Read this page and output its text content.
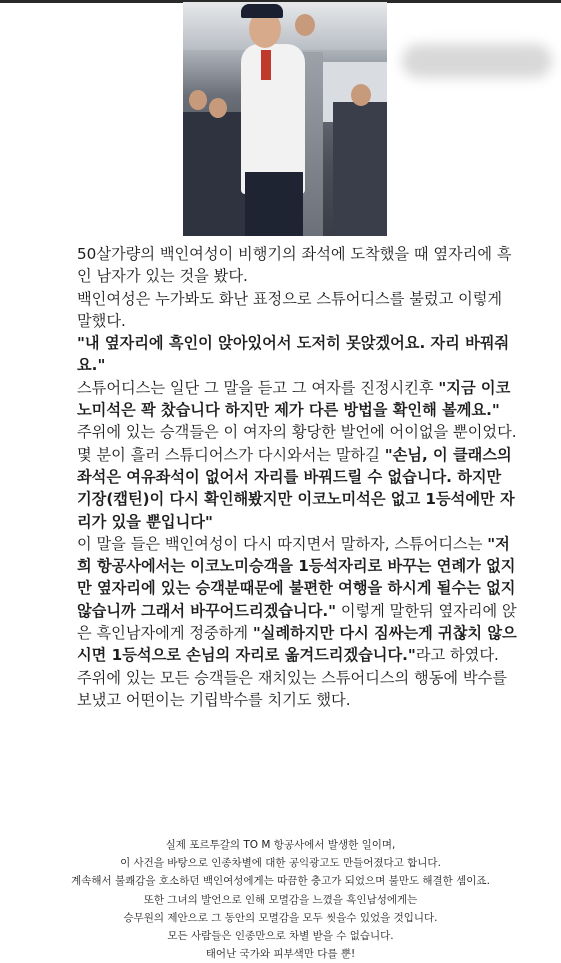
50살가량의 백인여성이 비행기의 좌석에 도착했을 때 옆자리에 흑인 남자가 있는 것을 봤다.

백인여성은 누가봐도 화난 표정으로 스튜어디스를 불렀고 이렇게 말했다.

"내 옆자리에 흑인이 앉아있어서 도저히 못앉겠어요. 자리 바꿔줘요."

스튜어디스는 일단 그 말을 듣고 그 여자를 진정시킨후 "지금 이코노미석은 꽉 찼습니다 하지만 제가 다른 방법을 확인해 볼께요."

주위에 있는 승객들은 이 여자의 황당한 발언에 어이없을 뿐이었다.

몇 분이 흘러 스튜디어스가 다시와서는 말하길 "손님, 이 클래스의 좌석은 여유좌석이 없어서 자리를 바꿔드릴 수 없습니다. 하지만 기장(캡틴)이 다시 확인해봤지만 이코노미석은 없고 1등석에만 자리가 있을 뿐입니다"

이 말을 들은 백인여성이 다시 따지면서 말하자, 스튜어디스는 "저희 항공사에서는 이코노미승객을 1등석자리로 바꾸는 연례가 없지만 옆자리에 있는 승객분때문에 불편한 여행을 하시게 될수는 없지 않습니까 그래서 바꾸어드리겠습니다." 이렇게 말한뒤 옆자리에 앉은 흑인남자에게 정중하게 "실례하지만 다시 짐싸는게 귀찮치 않으시면 1등석으로 손님의 자리로 옮겨드리겠습니다."라고 하였다.

주위에 있는 모든 승객들은 재치있는 스튜어디스의 행동에 박수를 보냈고 어떤이는 기립박수를 치기도 했다.

실제 포르투갈의 TO M 항공사에서 발생한 일이며,

이 사건을 바탕으로 인종차별에 대한 공익광고도 만들어졌다고 합니다.

계속해서 불쾌감을 호소하던 백인여성에게는 따끔한 충고가 되었으며 불만도 해결한 셈이죠.

또한 그녀의 발언으로 인해 모멸감을 느꼈을 흑인남성에게는

승무원의 제안으로 그 동안의 모멸감을 모두 씻을수 있었을 것입니다.

모든 사람들은 인종만으로 차별 받을 수 없습니다.

태어난 국가와 피부색만 다를 뿐!
